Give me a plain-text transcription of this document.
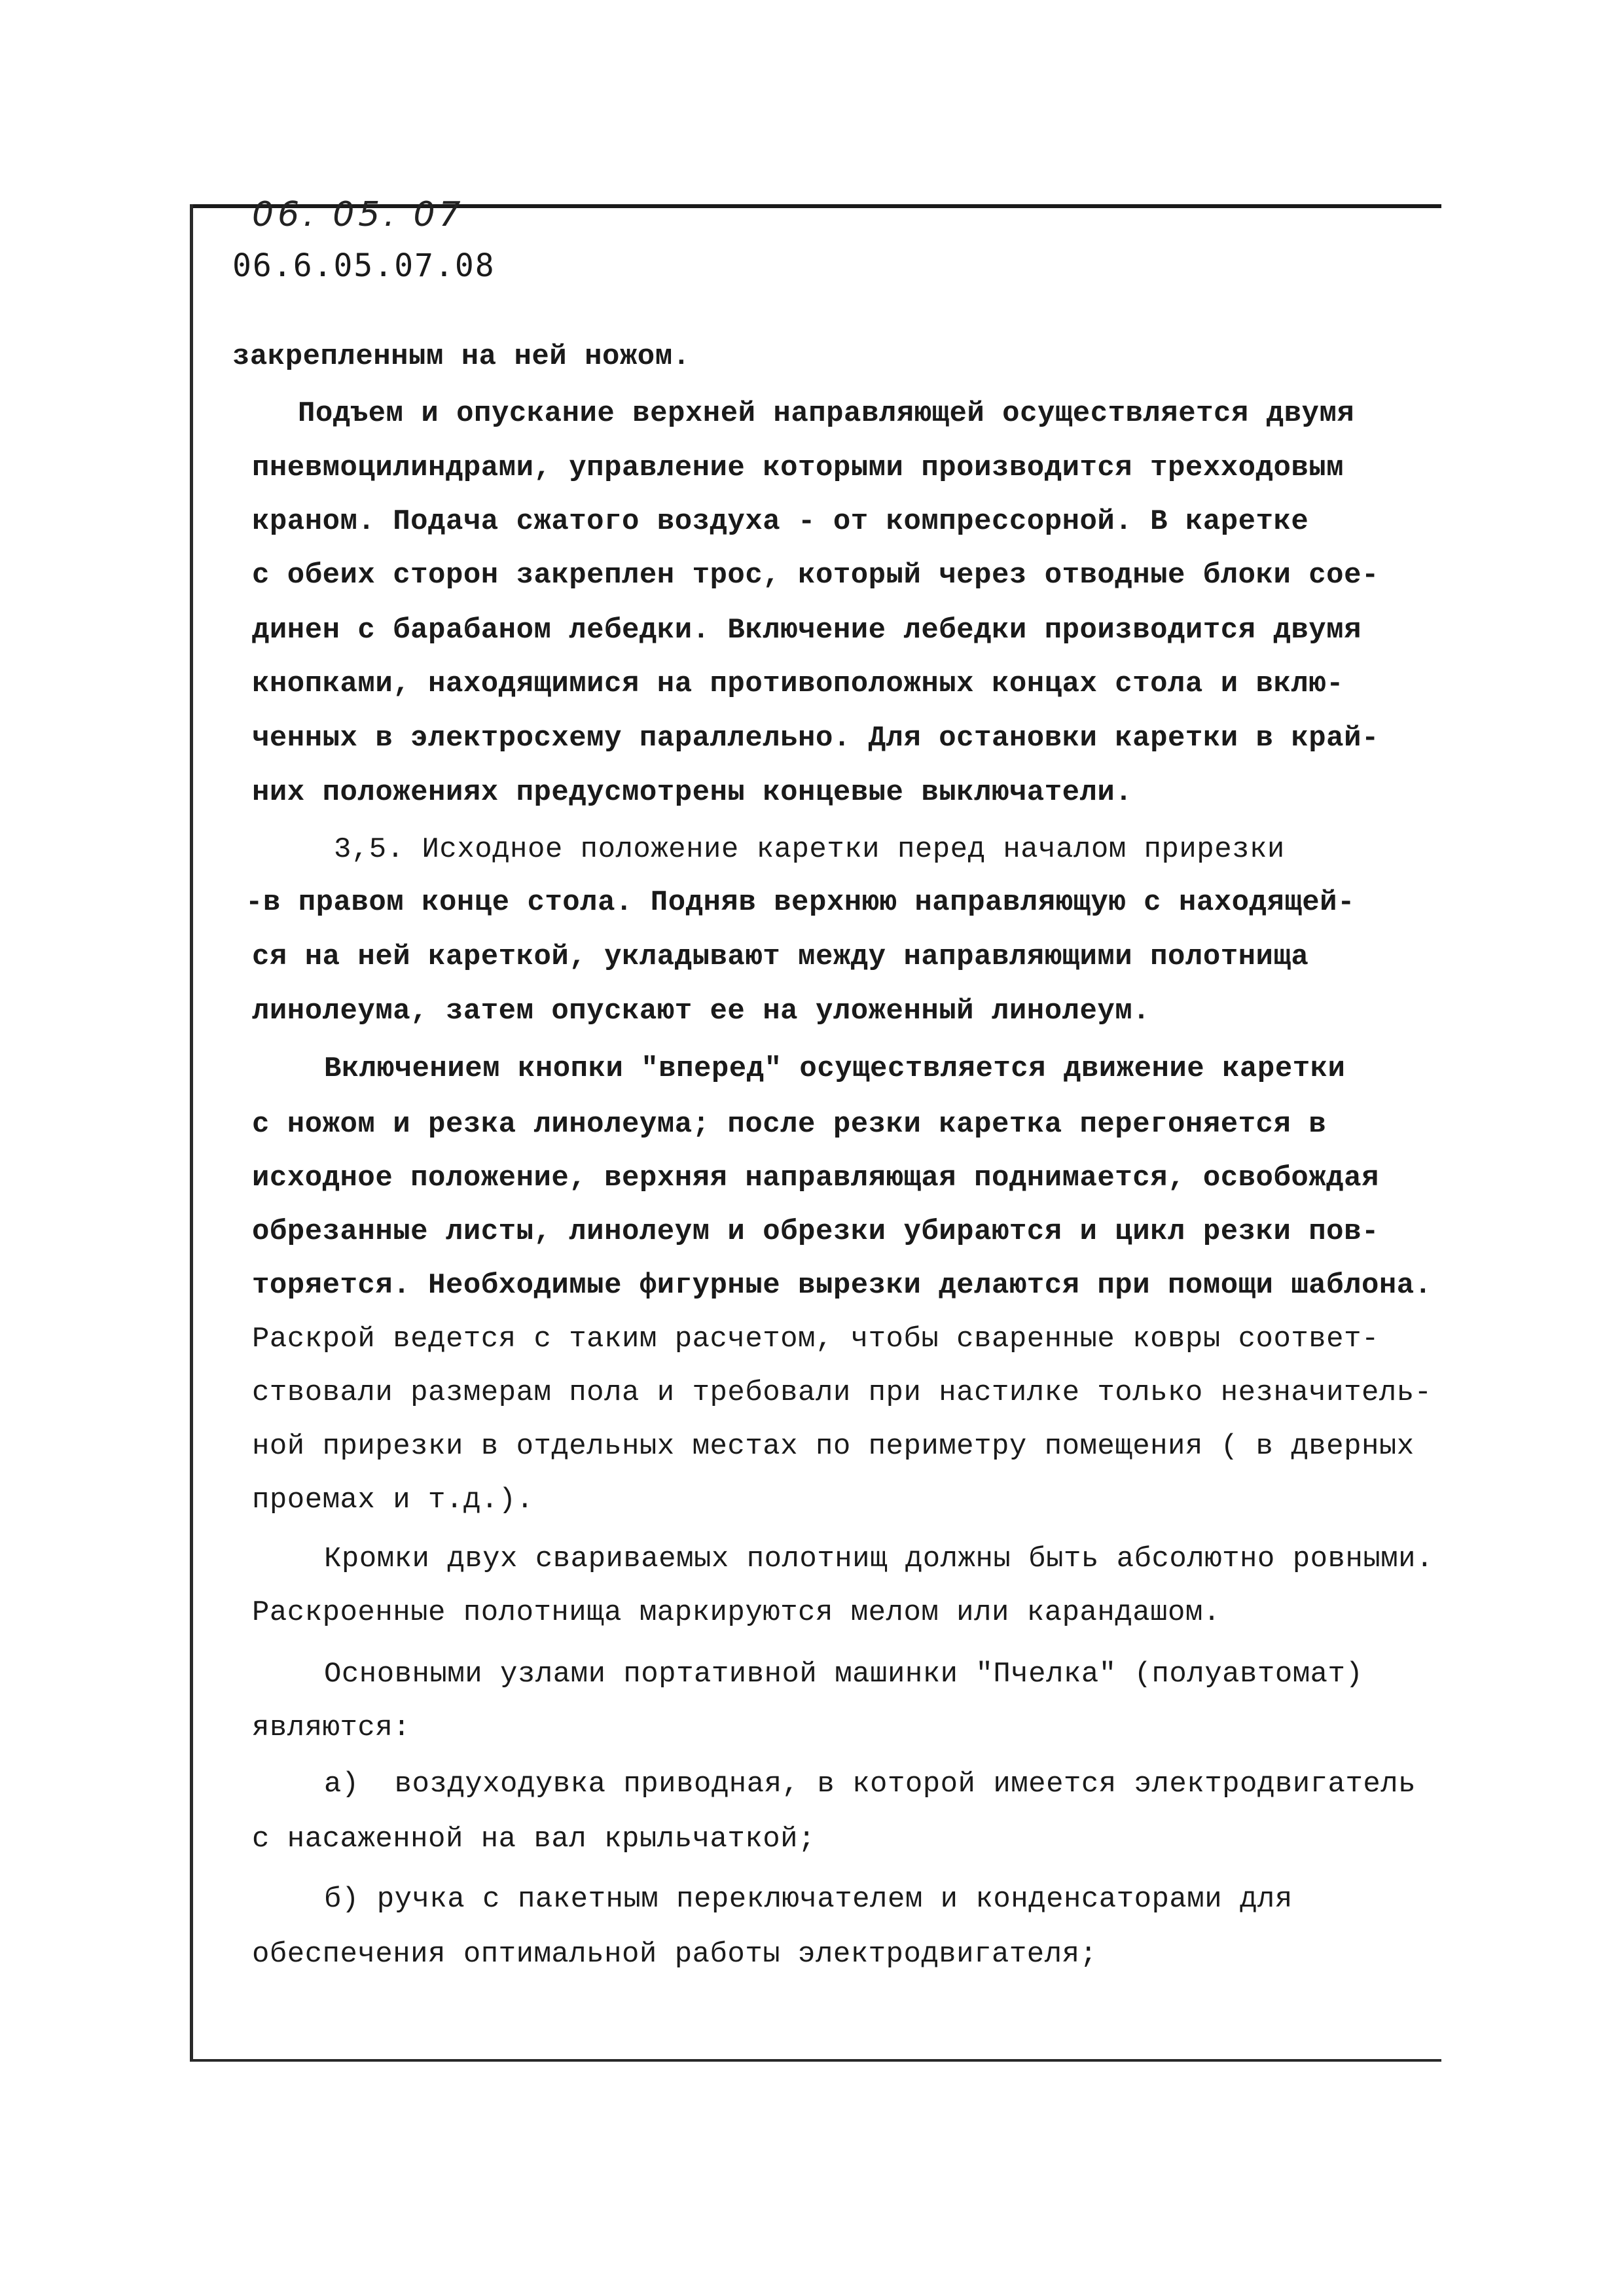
06. 05. 07
06.6.05.07.08
закрепленным на ней ножом.
Подъем и опускание верхней направляющей осуществляется двумя
пневмоцилиндрами, управление которыми производится трехходовым
краном. Подача сжатого воздуха - от компрессорной. В каретке
с обеих сторон закреплен трос, который через отводные блоки сое-
динен с барабаном лебедки. Включение лебедки производится двумя
кнопками, находящимися на противоположных концах стола и вклю-
ченных в электросхему параллельно. Для остановки каретки в край-
них положениях предусмотрены концевые выключатели.
3,5. Исходное положение каретки перед началом прирезки
-в правом конце стола. Подняв верхнюю направляющую с находящей-
ся на ней кареткой, укладывают между направляющими полотнища
линолеума, затем опускают ее на уложенный линолеум.
Включением кнопки "вперед" осуществляется движение каретки
с ножом и резка линолеума; после резки каретка перегоняется в
исходное положение, верхняя направляющая поднимается, освобождая
обрезанные листы, линолеум и обрезки убираются и цикл резки пов-
торяется. Необходимые фигурные вырезки делаются при помощи шаблона.
Раскрой ведется с таким расчетом, чтобы сваренные ковры соответ-
ствовали размерам пола и требовали при настилке только незначитель-
ной прирезки в отдельных местах по периметру помещения ( в дверных
проемах и т.д.).
Кромки двух свариваемых полотнищ должны быть абсолютно ровными.
Раскроенные полотнища маркируются мелом или карандашом.
Основными узлами портативной машинки "Пчелка" (полуавтомат)
являются:
а)  воздуходувка приводная, в которой имеется электродвигатель
с насаженной на вал крыльчаткой;
б) ручка с пакетным переключателем и конденсаторами для
обеспечения оптимальной работы электродвигателя;
